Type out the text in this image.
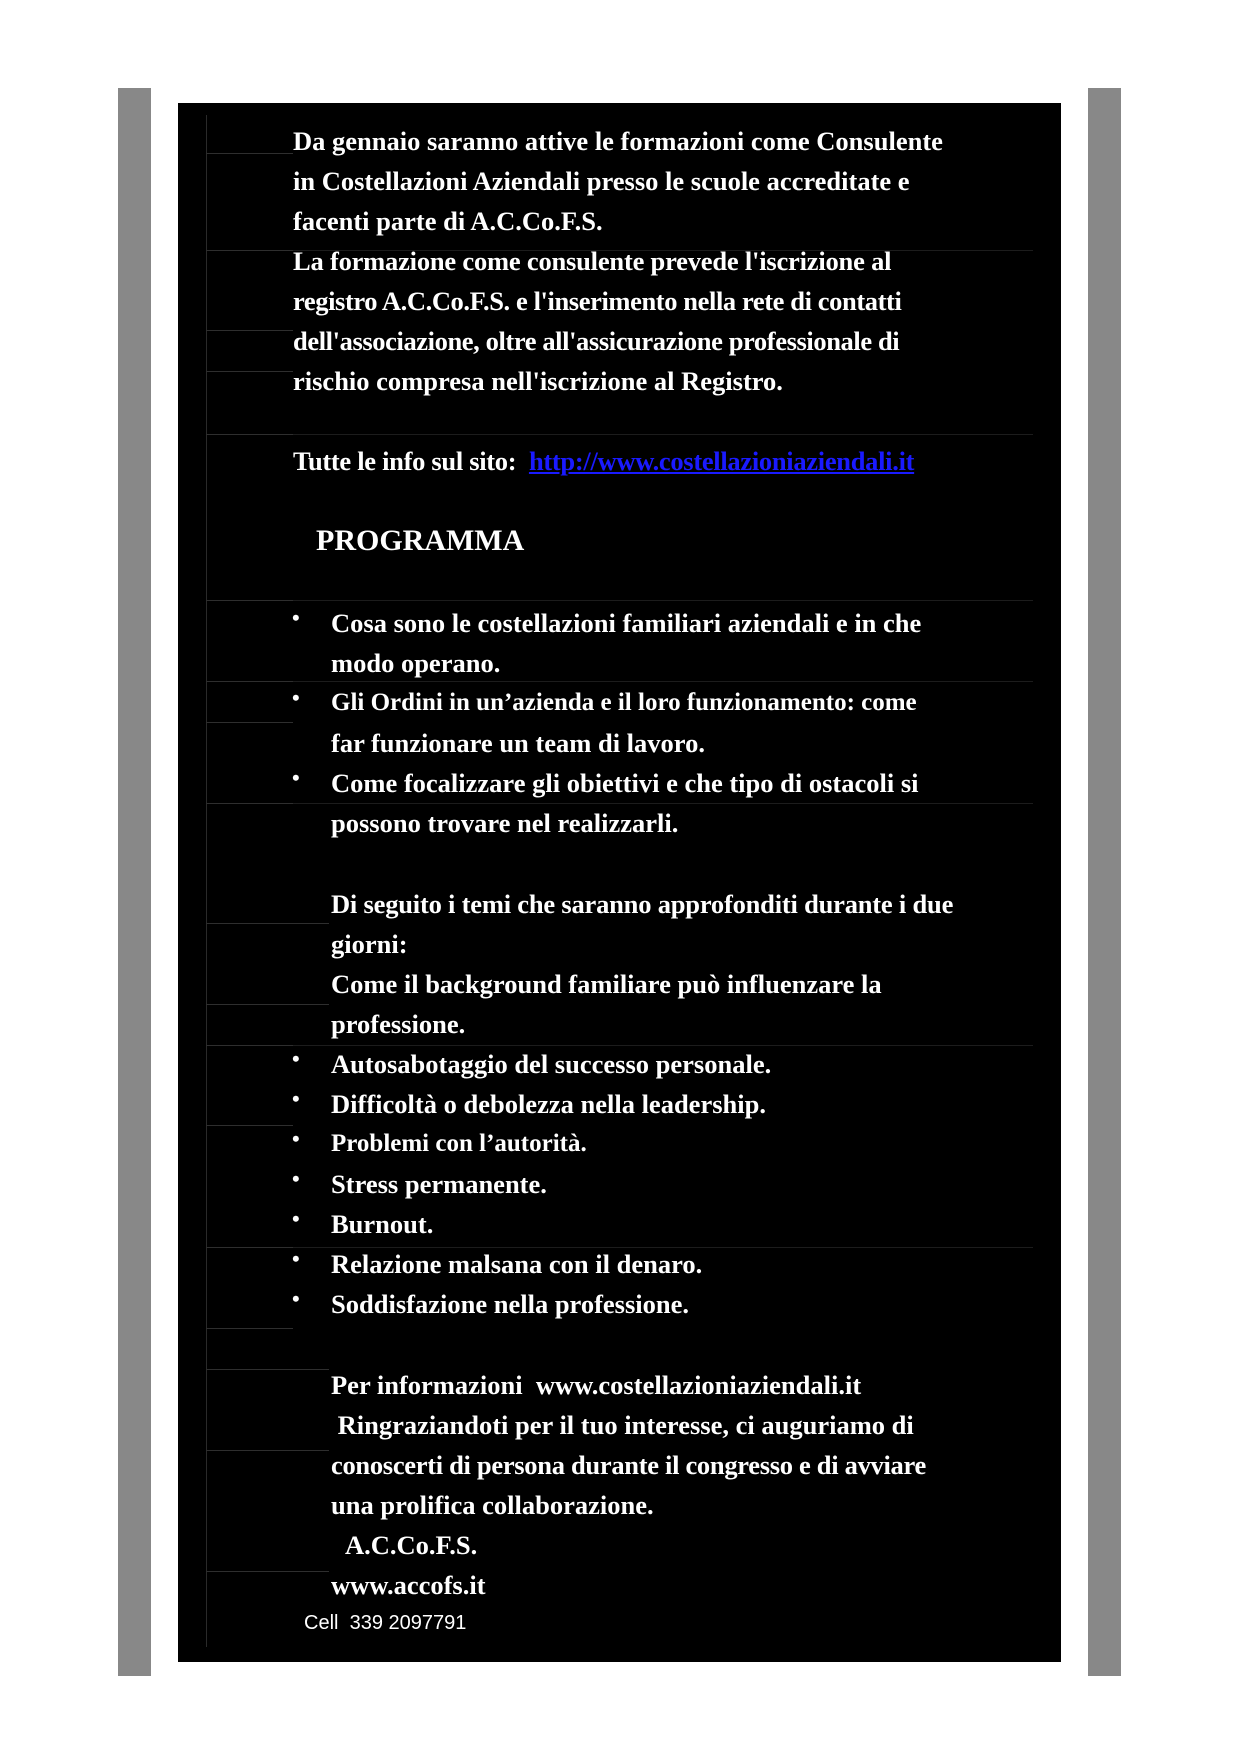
Da gennaio saranno attive le formazioni come Consulente
in Costellazioni Aziendali presso le scuole accreditate e
facenti parte di A.C.Co.F.S.
La formazione come consulente prevede l'iscrizione al
registro A.C.Co.F.S. e l'inserimento nella rete di contatti
dell'associazione, oltre all'assicurazione professionale di
rischio compresa nell'iscrizione al Registro.
Tutte le info sul sito: http://www.costellazioniaziendali.it
PROGRAMMA
• Cosa sono le costellazioni familiari aziendali e in che
modo operano.
• Gli Ordini in un’azienda e il loro funzionamento: come
far funzionare un team di lavoro.
• Come focalizzare gli obiettivi e che tipo di ostacoli si
possono trovare nel realizzarli.
Di seguito i temi che saranno approfonditi durante i due
giorni:
Come il background familiare può influenzare la
professione.
• Autosabotaggio del successo personale.
• Difficoltà o debolezza nella leadership.
• Problemi con l’autorità.
• Stress permanente.
• Burnout.
• Relazione malsana con il denaro.
• Soddisfazione nella professione.
Per informazioni  www.costellazioniaziendali.it
Ringraziandoti per il tuo interesse, ci auguriamo di
conoscerti di persona durante il congresso e di avviare
una prolifica collaborazione.
A.C.Co.F.S.
www.accofs.it
Cell  339 2097791
